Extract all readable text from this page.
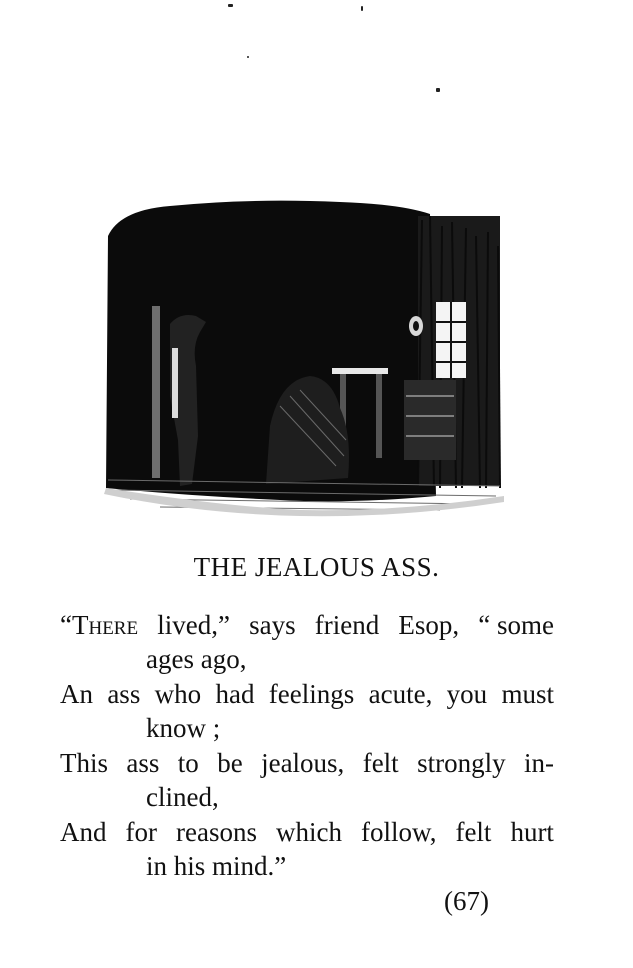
THE JEALOUS ASS.
“There lived,” says friend Esop, “ some
ages ago,
An ass who had feelings acute, you must
know ;
This ass to be jealous, felt strongly in-
clined,
And for reasons which follow, felt hurt
in his mind.”
(67)
